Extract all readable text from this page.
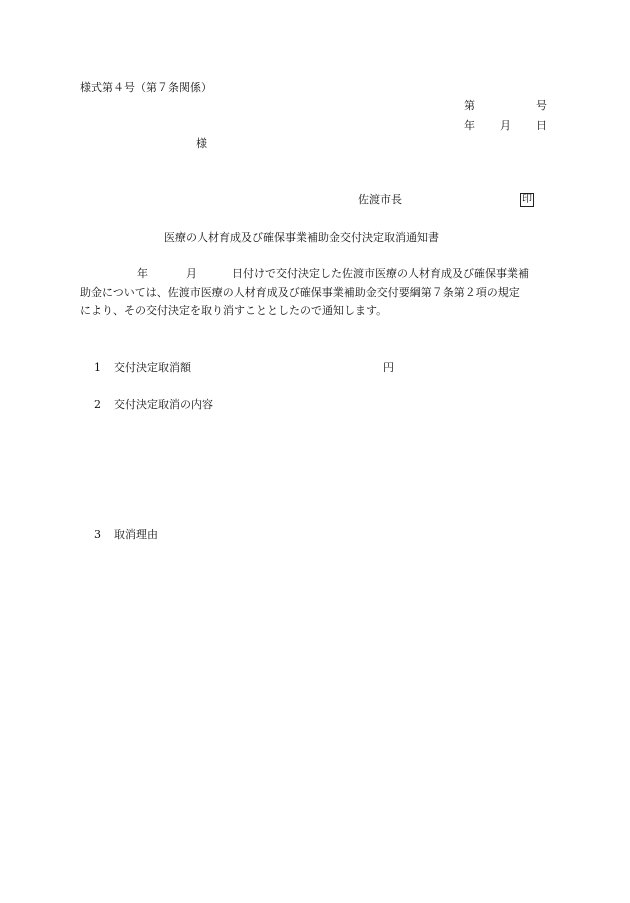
様式第４号（第７条関係）
第	号
年 月 日
様
佐渡市長	印
医療の人材育成及び確保事業補助金交付決定取消通知書
年	月	日付けで交付決定した佐渡市医療の人材育成及び確保事業補
助金については、佐渡市医療の人材育成及び確保事業補助金交付要綱第７条第２項の規定
により、その交付決定を取り消すこととしたので通知します。
1 交付決定取消額	円
2 交付決定取消の内容
3 取消理由
